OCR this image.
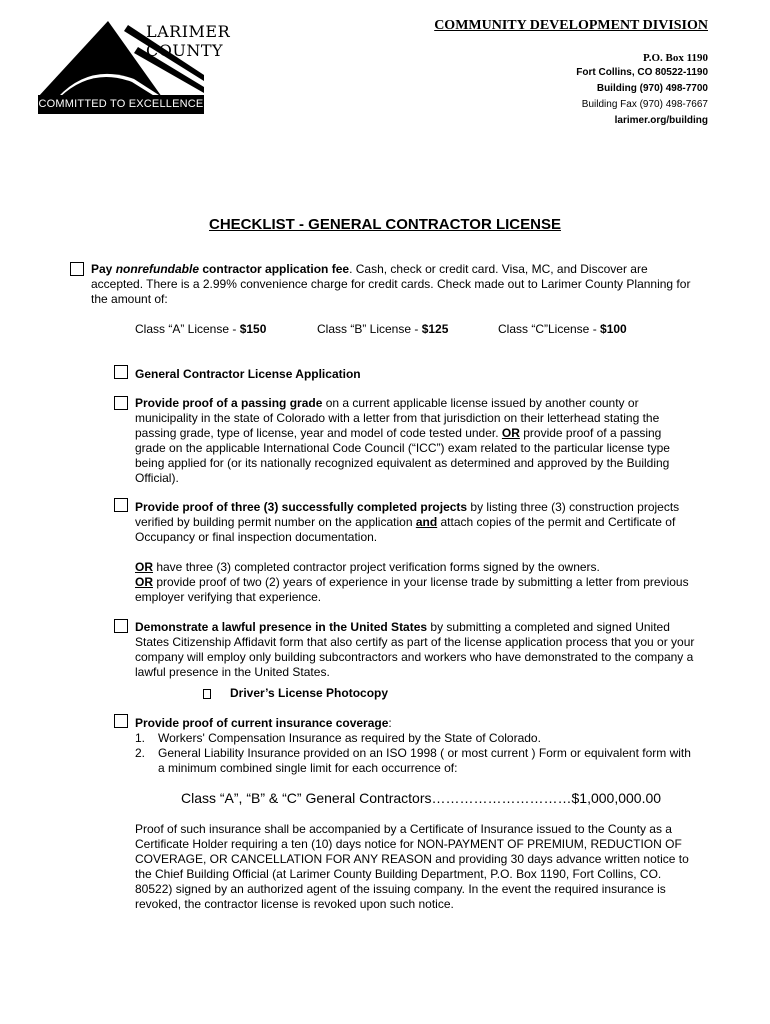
LARIMER
COUNTY
COMMITTED TO EXCELLENCE
COMMUNITY DEVELOPMENT DIVISION
P.O. Box 1190
Fort Collins, CO 80522-1190
Building (970) 498-7700
Building Fax (970) 498-7667
larimer.org/building
CHECKLIST - GENERAL CONTRACTOR LICENSE
Pay nonrefundable contractor application fee. Cash, check or credit card. Visa, MC, and Discover are
accepted. There is a 2.99% convenience charge for credit cards. Check made out to Larimer County Planning for
the amount of:
Class “A” License - $150	Class “B” License - $125	Class “C”License - $100
General Contractor License Application
Provide proof of a passing grade on a current applicable license issued by another county or
municipality in the state of Colorado with a letter from that jurisdiction on their letterhead stating the
passing grade, type of license, year and model of code tested under. OR provide proof of a passing
grade on the applicable International Code Council (“ICC”) exam related to the particular license type
being applied for (or its nationally recognized equivalent as determined and approved by the Building
Official).
Provide proof of three (3) successfully completed projects by listing three (3) construction projects
verified by building permit number on the application and attach copies of the permit and Certificate of
Occupancy or final inspection documentation.
OR have three (3) completed contractor project verification forms signed by the owners.
OR provide proof of two (2) years of experience in your license trade by submitting a letter from previous
employer verifying that experience.
Demonstrate a lawful presence in the United States by submitting a completed and signed United
States Citizenship Affidavit form that also certify as part of the license application process that you or your
company will employ only building subcontractors and workers who have demonstrated to the company a
lawful presence in the United States.
Driver’s License Photocopy
Provide proof of current insurance coverage:
1. Workers' Compensation Insurance as required by the State of Colorado.
2. General Liability Insurance provided on an ISO 1998 ( or most current ) Form or equivalent form with
a minimum combined single limit for each occurrence of:
Class “A”, “B” & “C” General Contractors…………………………$1,000,000.00
Proof of such insurance shall be accompanied by a Certificate of Insurance issued to the County as a
Certificate Holder requiring a ten (10) days notice for NON-PAYMENT OF PREMIUM, REDUCTION OF
COVERAGE, OR CANCELLATION FOR ANY REASON and providing 30 days advance written notice to
the Chief Building Official (at Larimer County Building Department, P.O. Box 1190, Fort Collins, CO.
80522) signed by an authorized agent of the issuing company. In the event the required insurance is
revoked, the contractor license is revoked upon such notice.
